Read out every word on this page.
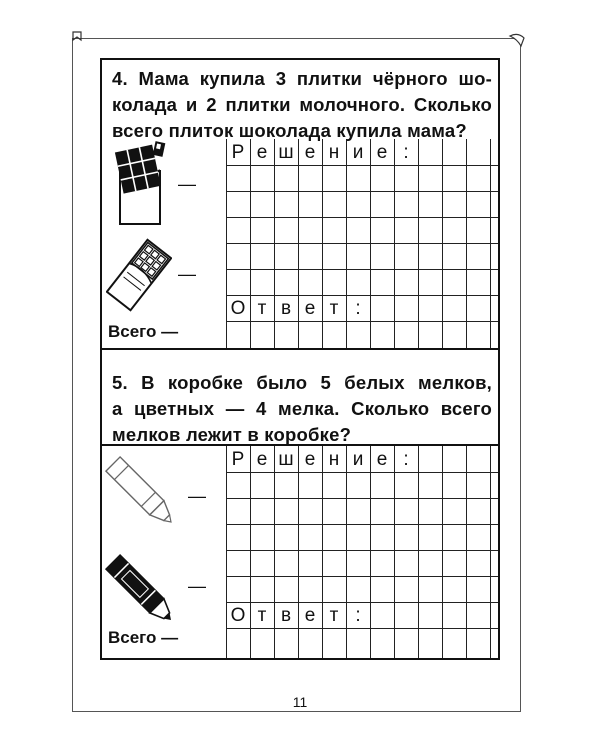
4. Мама купила 3 плитки чёрного шо-
колада и 2 плитки молочного. Сколько
всего плиток шоколада купила мама?
—
—
Всего —
Р е ш е н и е :
О т в е т :
5. В коробке было 5 белых мелков,
а цветных — 4 мелка. Сколько всего
мелков лежит в коробке?
—
—
Всего —
Р е ш е н и е :
О т в е т :
11
